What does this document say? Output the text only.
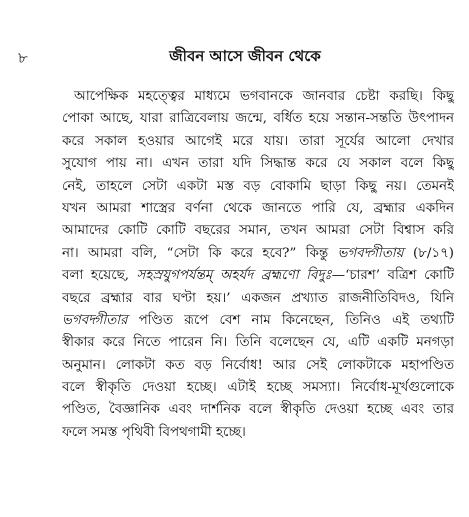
৮	জীবন আসে জীবন থেকে
আপেক্ষিক মহত্ত্বের মাধ্যমে ভগবানকে জানবার চেষ্টা করছি। কিছু
পোকা আছে, যারা রাত্রিবেলায় জন্মে, বর্ধিত হয়ে সন্তান-সন্ততি উৎপাদন
করে সকাল হওয়ার আগেই মরে যায়। তারা সূর্যের আলো দেখার
সুযোগ পায় না। এখন তারা যদি সিদ্ধান্ত করে যে সকাল বলে কিছু
নেই, তাহলে সেটা একটা মস্ত বড় বোকামি ছাড়া কিছু নয়। তেমনই
যখন আমরা শাস্ত্রের বর্ণনা থেকে জানতে পারি যে, ব্রহ্মার একদিন
আমাদের কোটি কোটি বছরের সমান, তখন আমরা সেটা বিশ্বাস করি
না। আমরা বলি, “সেটা কি করে হবে?” কিন্তু ভগবদ্গীতায় (৮/১৭)
বলা হয়েছে, সহস্রযুগপর্যন্তম্ অহর্যদ ব্রহ্মণো বিদুঃ—‘চারশ’ বত্রিশ কোটি
বছরে ব্রহ্মার বার ঘণ্টা হয়।’ একজন প্রখ্যাত রাজনীতিবিদও, যিনি
ভগবদ্গীতার পণ্ডিত রূপে বেশ নাম কিনেছেন, তিনিও এই তথ্যটি
স্বীকার করে নিতে পারেন নি। তিনি বলেছেন যে, এটি একটি মনগড়া
অনুমান। লোকটা কত বড় নির্বোধ! আর সেই লোকটাকে মহাপণ্ডিত
বলে স্বীকৃতি দেওয়া হচ্ছে। এটাই হচ্ছে সমস্যা। নির্বোধ-মূর্খগুলোকে
পণ্ডিত, বৈজ্ঞানিক এবং দার্শনিক বলে স্বীকৃতি দেওয়া হচ্ছে এবং তার
ফলে সমস্ত পৃথিবী বিপথগামী হচ্ছে।
